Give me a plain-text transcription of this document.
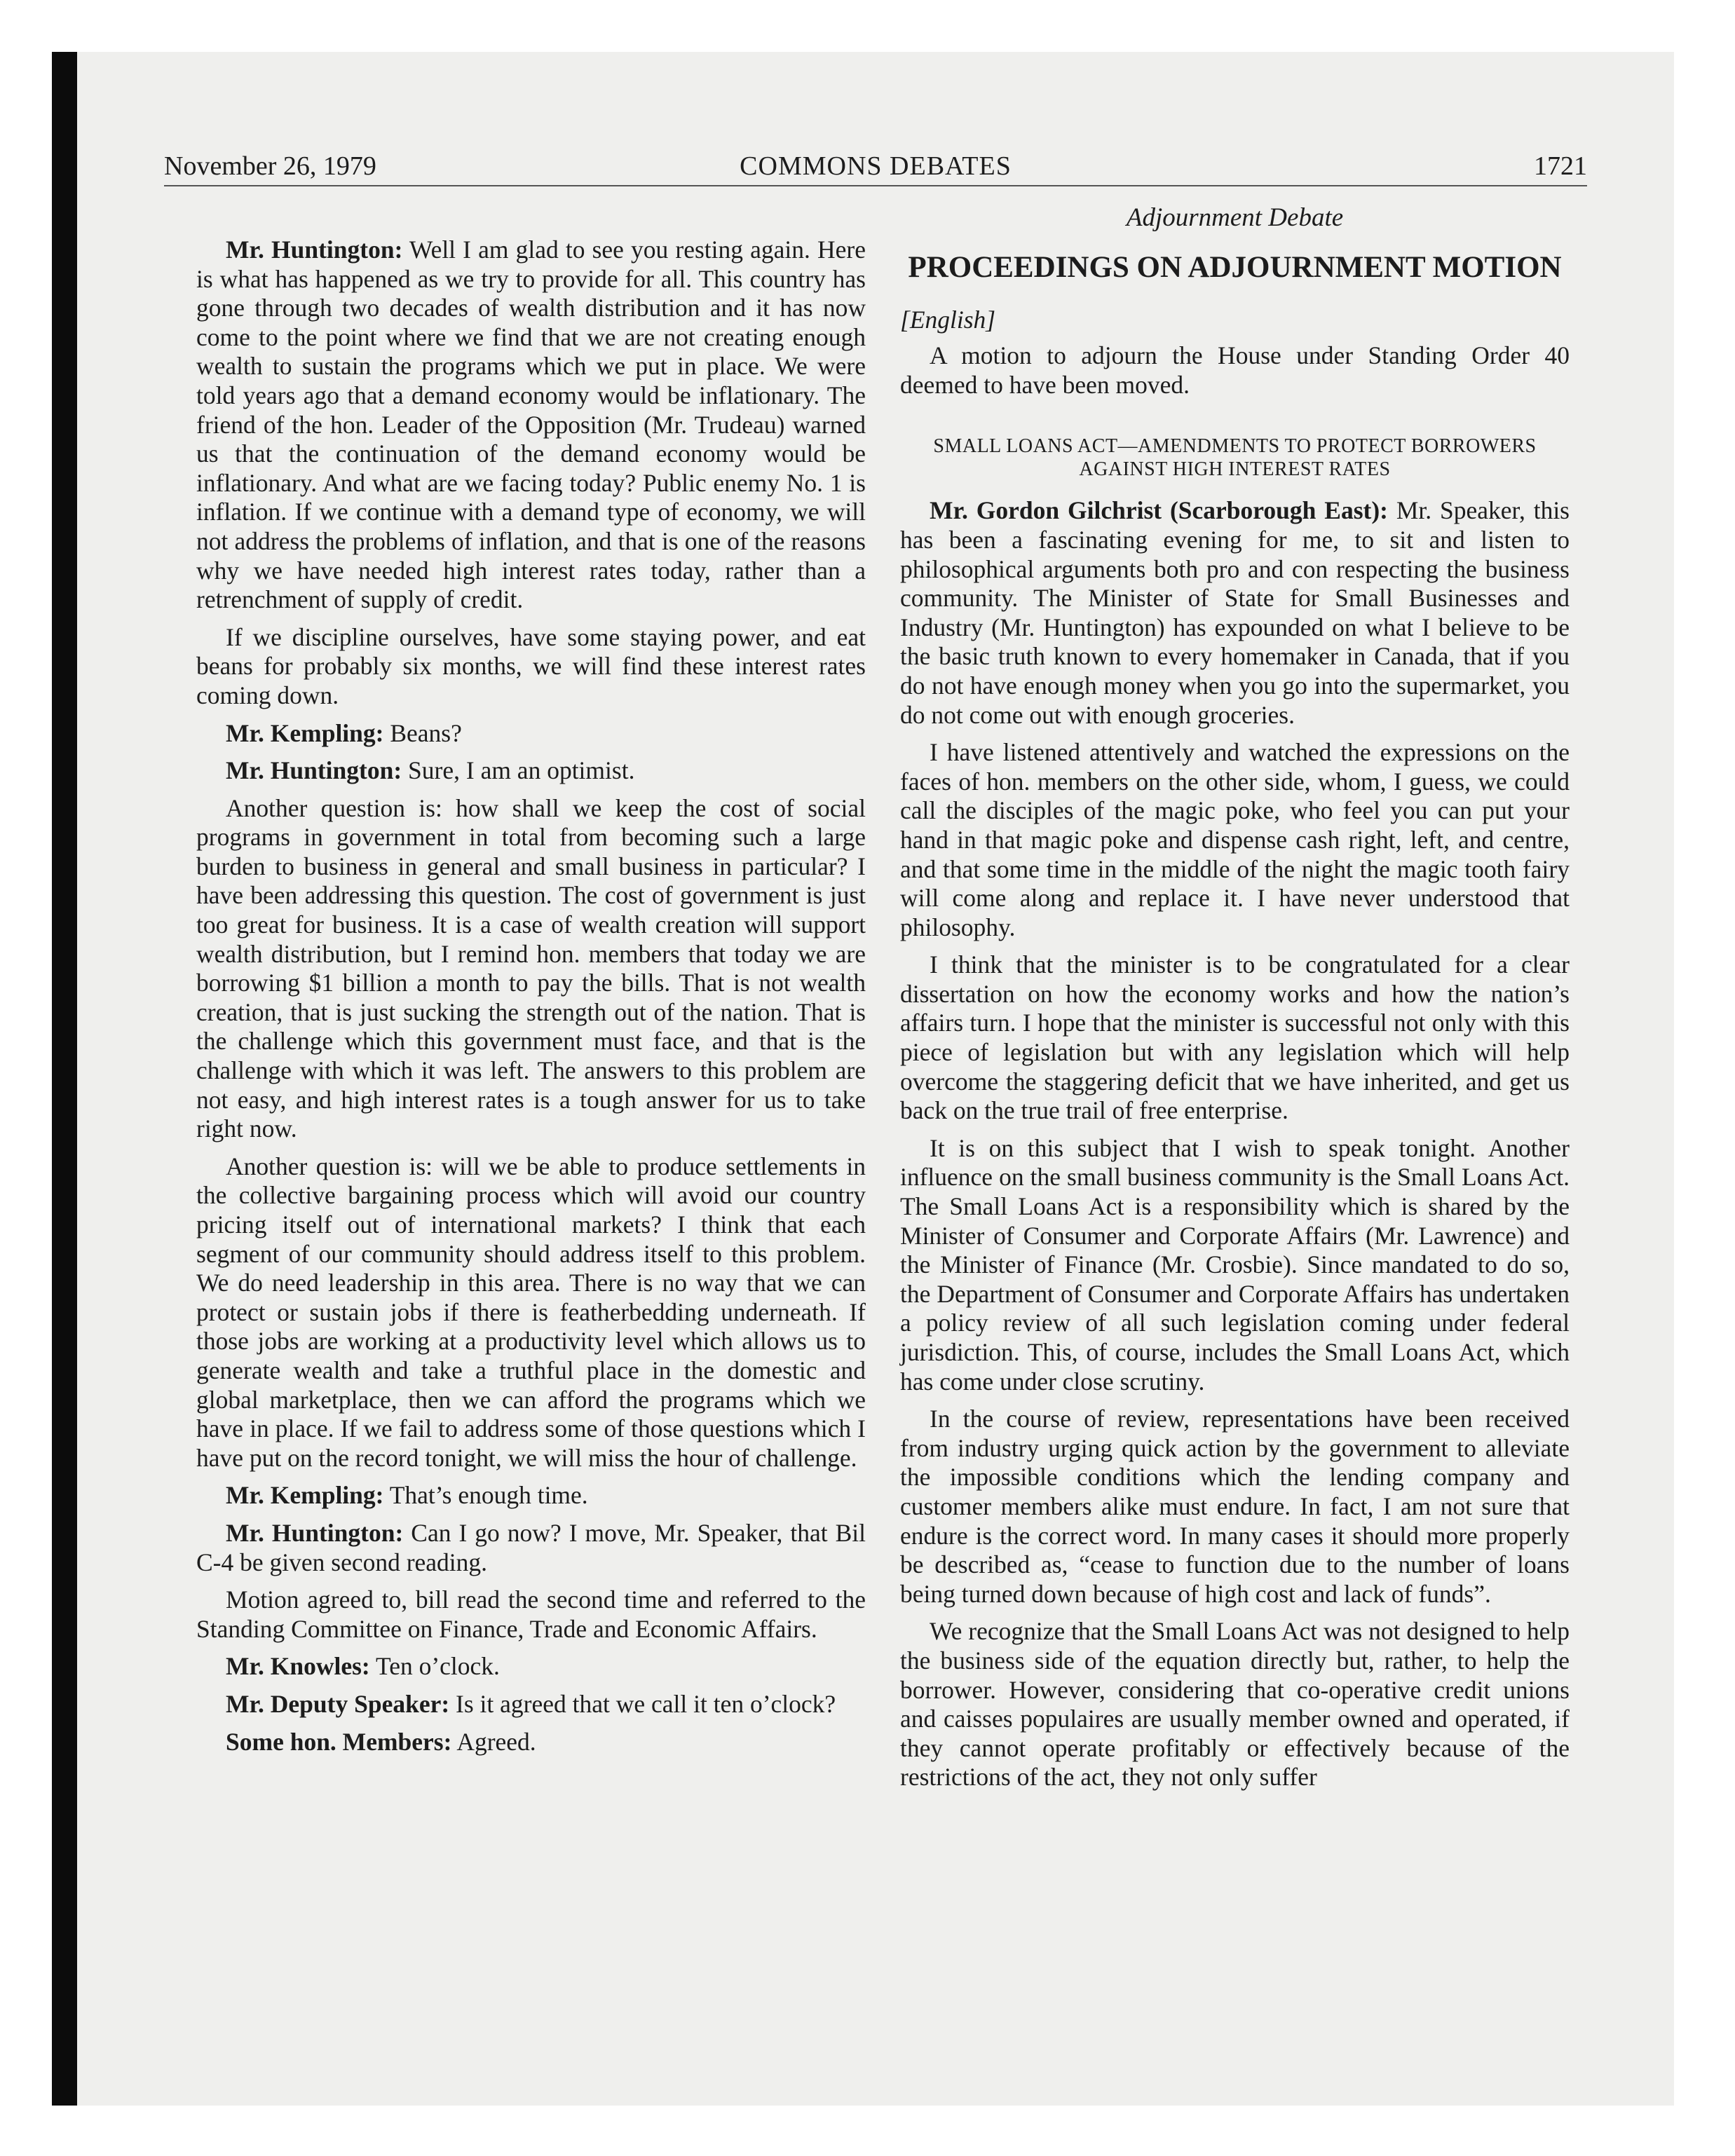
November 26, 1979	COMMONS DEBATES	1721

Mr. Huntington: Well I am glad to see you resting again. Here is what has happened as we try to provide for all. This country has gone through two decades of wealth distribution and it has now come to the point where we find that we are not creating enough wealth to sustain the programs which we put in place. We were told years ago that a demand economy would be inflationary. The friend of the hon. Leader of the Opposition (Mr. Trudeau) warned us that the continuation of the demand economy would be inflationary. And what are we facing today? Public enemy No. 1 is inflation. If we continue with a demand type of economy, we will not address the problems of inflation, and that is one of the reasons why we have needed high interest rates today, rather than a retrenchment of supply of credit.

If we discipline ourselves, have some staying power, and eat beans for probably six months, we will find these interest rates coming down.

Mr. Kempling: Beans?

Mr. Huntington: Sure, I am an optimist.

Another question is: how shall we keep the cost of social programs in government in total from becoming such a large burden to business in general and small business in particular? I have been addressing this question. The cost of government is just too great for business. It is a case of wealth creation will support wealth distribution, but I remind hon. members that today we are borrowing $1 billion a month to pay the bills. That is not wealth creation, that is just sucking the strength out of the nation. That is the challenge which this government must face, and that is the challenge with which it was left. The answers to this problem are not easy, and high interest rates is a tough answer for us to take right now.

Another question is: will we be able to produce settlements in the collective bargaining process which will avoid our country pricing itself out of international markets? I think that each segment of our community should address itself to this problem. We do need leadership in this area. There is no way that we can protect or sustain jobs if there is featherbedding underneath. If those jobs are working at a productivity level which allows us to generate wealth and take a truthful place in the domestic and global marketplace, then we can afford the programs which we have in place. If we fail to address some of those questions which I have put on the record tonight, we will miss the hour of challenge.

Mr. Kempling: That’s enough time.

Mr. Huntington: Can I go now? I move, Mr. Speaker, that Bil C-4 be given second reading.

Motion agreed to, bill read the second time and referred to the Standing Committee on Finance, Trade and Economic Affairs.

Mr. Knowles: Ten o’clock.

Mr. Deputy Speaker: Is it agreed that we call it ten o’clock?

Some hon. Members: Agreed.

Adjournment Debate

PROCEEDINGS ON ADJOURNMENT MOTION

[English]

A motion to adjourn the House under Standing Order 40 deemed to have been moved.

SMALL LOANS ACT—AMENDMENTS TO PROTECT BORROWERS AGAINST HIGH INTEREST RATES

Mr. Gordon Gilchrist (Scarborough East): Mr. Speaker, this has been a fascinating evening for me, to sit and listen to philosophical arguments both pro and con respecting the business community. The Minister of State for Small Businesses and Industry (Mr. Huntington) has expounded on what I believe to be the basic truth known to every homemaker in Canada, that if you do not have enough money when you go into the supermarket, you do not come out with enough groceries.

I have listened attentively and watched the expressions on the faces of hon. members on the other side, whom, I guess, we could call the disciples of the magic poke, who feel you can put your hand in that magic poke and dispense cash right, left, and centre, and that some time in the middle of the night the magic tooth fairy will come along and replace it. I have never understood that philosophy.

I think that the minister is to be congratulated for a clear dissertation on how the economy works and how the nation’s affairs turn. I hope that the minister is successful not only with this piece of legislation but with any legislation which will help overcome the staggering deficit that we have inherited, and get us back on the true trail of free enterprise.

It is on this subject that I wish to speak tonight. Another influence on the small business community is the Small Loans Act. The Small Loans Act is a responsibility which is shared by the Minister of Consumer and Corporate Affairs (Mr. Lawrence) and the Minister of Finance (Mr. Crosbie). Since mandated to do so, the Department of Consumer and Corporate Affairs has undertaken a policy review of all such legislation coming under federal jurisdiction. This, of course, includes the Small Loans Act, which has come under close scrutiny.

In the course of review, representations have been received from industry urging quick action by the government to alleviate the impossible conditions which the lending company and customer members alike must endure. In fact, I am not sure that endure is the correct word. In many cases it should more properly be described as, “cease to function due to the number of loans being turned down because of high cost and lack of funds”.

We recognize that the Small Loans Act was not designed to help the business side of the equation directly but, rather, to help the borrower. However, considering that co-operative credit unions and caisses populaires are usually member owned and operated, if they cannot operate profitably or effectively because of the restrictions of the act, they not only suffer
